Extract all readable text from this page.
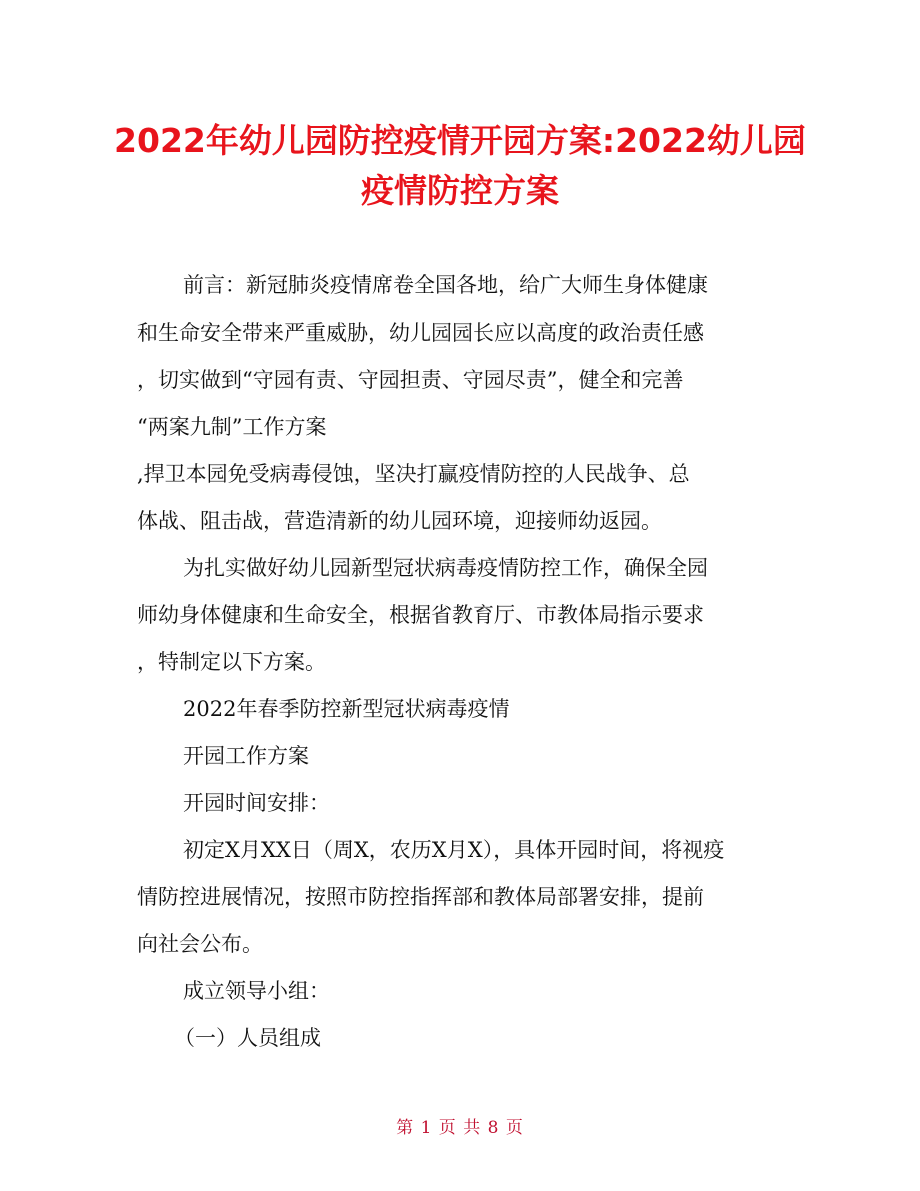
2022年幼儿园防控疫情开园方案:2022幼儿园
疫情防控方案
前言：新冠肺炎疫情席卷全国各地，给广大师生身体健康
和生命安全带来严重威胁，幼儿园园长应以高度的政治责任感
，切实做到“守园有责、守园担责、守园尽责”，健全和完善
“两案九制”工作方案
,捍卫本园免受病毒侵蚀，坚决打赢疫情防控的人民战争、总
体战、阻击战，营造清新的幼儿园环境，迎接师幼返园。
为扎实做好幼儿园新型冠状病毒疫情防控工作，确保全园
师幼身体健康和生命安全，根据省教育厅、市教体局指示要求
，特制定以下方案。
2022年春季防控新型冠状病毒疫情
开园工作方案
开园时间安排：
初定X月XX日（周X，农历X月X），具体开园时间，将视疫
情防控进展情况，按照市防控指挥部和教体局部署安排，提前
向社会公布。
成立领导小组：
（一）人员组成
第 1 页 共 8 页
